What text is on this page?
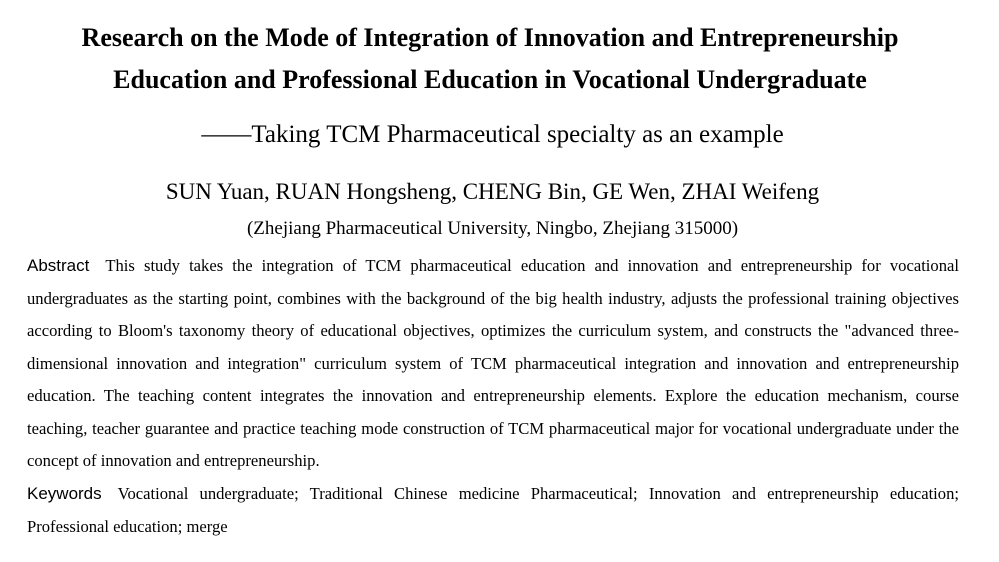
Research on the Mode of Integration of Innovation and Entrepreneurship
Education and Professional Education in Vocational Undergraduate

——Taking TCM Pharmaceutical specialty as an example

SUN Yuan, RUAN Hongsheng, CHENG Bin, GE Wen, ZHAI Weifeng

(Zhejiang Pharmaceutical University, Ningbo, Zhejiang 315000)

Abstract This study takes the integration of TCM pharmaceutical education and innovation and entrepreneurship for vocational undergraduates as the starting point, combines with the background of the big health industry, adjusts the professional training objectives according to Bloom's taxonomy theory of educational objectives, optimizes the curriculum system, and constructs the "advanced three-dimensional innovation and integration" curriculum system of TCM pharmaceutical integration and innovation and entrepreneurship education. The teaching content integrates the innovation and entrepreneurship elements. Explore the education mechanism, course teaching, teacher guarantee and practice teaching mode construction of TCM pharmaceutical major for vocational undergraduate under the concept of innovation and entrepreneurship.

Keywords Vocational undergraduate; Traditional Chinese medicine Pharmaceutical; Innovation and entrepreneurship education; Professional education; merge
